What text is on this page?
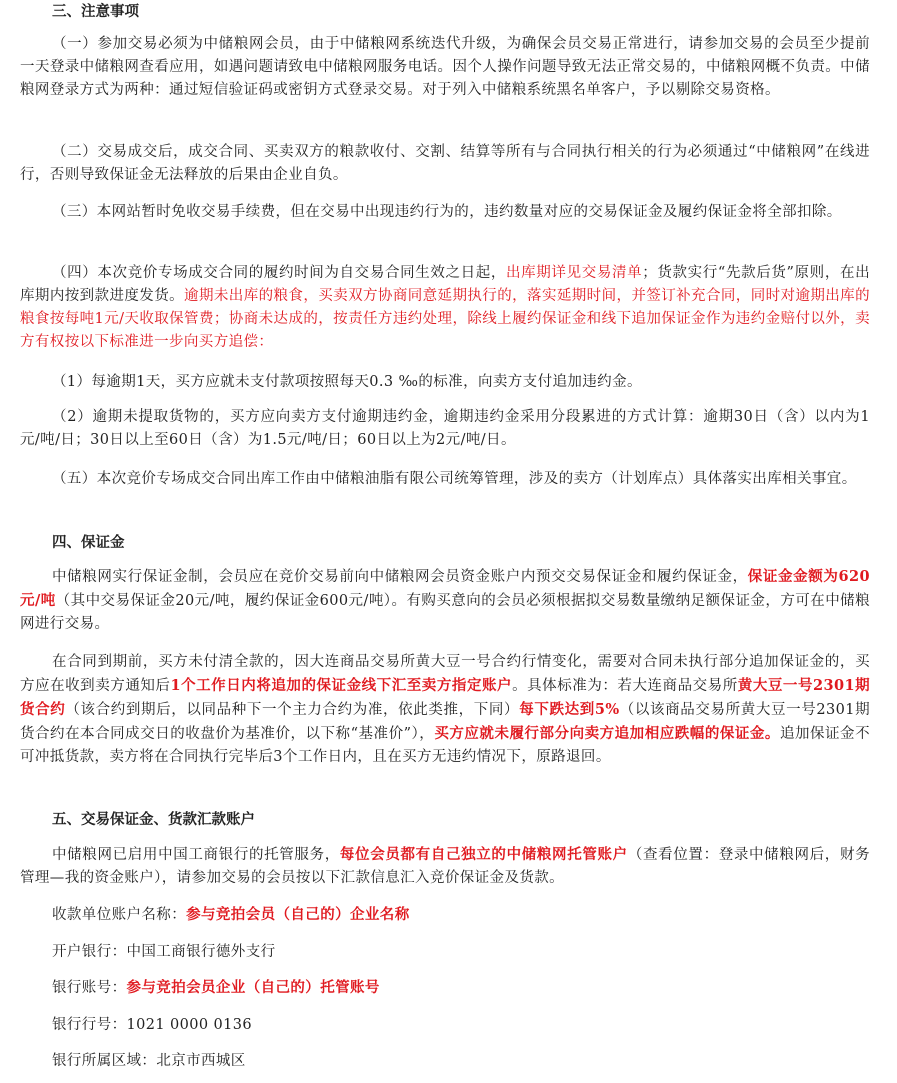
三、注意事项

（一）参加交易必须为中储粮网会员，由于中储粮网系统迭代升级，为确保会员交易正常进行，请参加交易的会员至少提前一天登录中储粮网查看应用，如遇问题请致电中储粮网服务电话。因个人操作问题导致无法正常交易的，中储粮网概不负责。中储粮网登录方式为两种：通过短信验证码或密钥方式登录交易。对于列入中储粮系统黑名单客户，予以剔除交易资格。

（二）交易成交后，成交合同、买卖双方的粮款收付、交割、结算等所有与合同执行相关的行为必须通过“中储粮网”在线进行，否则导致保证金无法释放的后果由企业自负。

（三）本网站暂时免收交易手续费，但在交易中出现违约行为的，违约数量对应的交易保证金及履约保证金将全部扣除。

（四）本次竞价专场成交合同的履约时间为自交易合同生效之日起，出库期详见交易清单；货款实行“先款后货”原则，在出库期内按到款进度发货。逾期未出库的粮食，买卖双方协商同意延期执行的，落实延期时间，并签订补充合同，同时对逾期出库的粮食按每吨1元/天收取保管费；协商未达成的，按责任方违约处理，除线上履约保证金和线下追加保证金作为违约金赔付以外，卖方有权按以下标准进一步向买方追偿：

（1）每逾期1天，买方应就未支付款项按照每天0.3 ‰的标准，向卖方支付追加违约金。

（2）逾期未提取货物的，买方应向卖方支付逾期违约金，逾期违约金采用分段累进的方式计算：逾期30日（含）以内为1元/吨/日；30日以上至60日（含）为1.5元/吨/日；60日以上为2元/吨/日。

（五）本次竞价专场成交合同出库工作由中储粮油脂有限公司统筹管理，涉及的卖方（计划库点）具体落实出库相关事宜。

四、保证金

中储粮网实行保证金制，会员应在竞价交易前向中储粮网会员资金账户内预交交易保证金和履约保证金，保证金金额为620元/吨（其中交易保证金20元/吨，履约保证金600元/吨）。有购买意向的会员必须根据拟交易数量缴纳足额保证金，方可在中储粮网进行交易。

在合同到期前，买方未付清全款的，因大连商品交易所黄大豆一号合约行情变化，需要对合同未执行部分追加保证金的，买方应在收到卖方通知后1个工作日内将追加的保证金线下汇至卖方指定账户。具体标准为：若大连商品交易所黄大豆一号2301期货合约（该合约到期后，以同品种下一个主力合约为准，依此类推，下同）每下跌达到5%（以该商品交易所黄大豆一号2301期货合约在本合同成交日的收盘价为基准价，以下称“基准价”），买方应就未履行部分向卖方追加相应跌幅的保证金。追加保证金不可冲抵货款，卖方将在合同执行完毕后3个工作日内，且在买方无违约情况下，原路退回。

五、交易保证金、货款汇款账户

中储粮网已启用中国工商银行的托管服务，每位会员都有自己独立的中储粮网托管账户（查看位置：登录中储粮网后，财务管理—我的资金账户），请参加交易的会员按以下汇款信息汇入竞价保证金及货款。

收款单位账户名称：参与竞拍会员（自己的）企业名称

开户银行：中国工商银行德外支行

银行账号：参与竞拍会员企业（自己的）托管账号

银行行号：1021 0000 0136

银行所属区域：北京市西城区
